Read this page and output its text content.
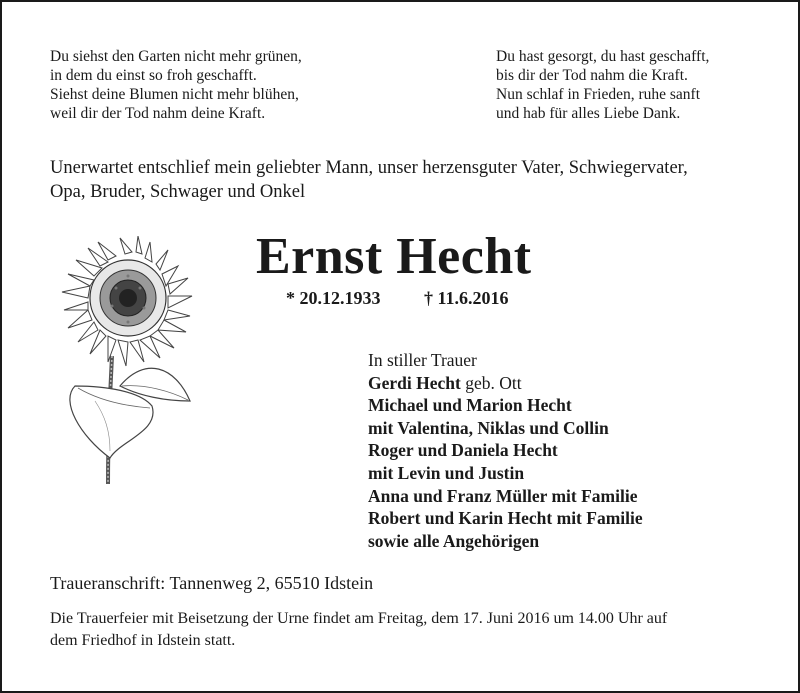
Du siehst den Garten nicht mehr grünen,
in dem du einst so froh geschafft.
Siehst deine Blumen nicht mehr blühen,
weil dir der Tod nahm deine Kraft.
Du hast gesorgt, du hast geschafft,
bis dir der Tod nahm die Kraft.
Nun schlaf in Frieden, ruhe sanft
und hab für alles Liebe Dank.
Unerwartet entschlief mein geliebter Mann, unser herzensguter Vater, Schwiegervater,
Opa, Bruder, Schwager und Onkel
Ernst Hecht
* 20.12.1933 † 11.6.2016
In stiller Trauer
Gerdi Hecht geb. Ott
Michael und Marion Hecht
mit Valentina, Niklas und Collin
Roger und Daniela Hecht
mit Levin und Justin
Anna und Franz Müller mit Familie
Robert und Karin Hecht mit Familie
sowie alle Angehörigen
Traueranschrift: Tannenweg 2, 65510 Idstein
Die Trauerfeier mit Beisetzung der Urne findet am Freitag, dem 17. Juni 2016 um 14.00 Uhr auf
dem Friedhof in Idstein statt.
